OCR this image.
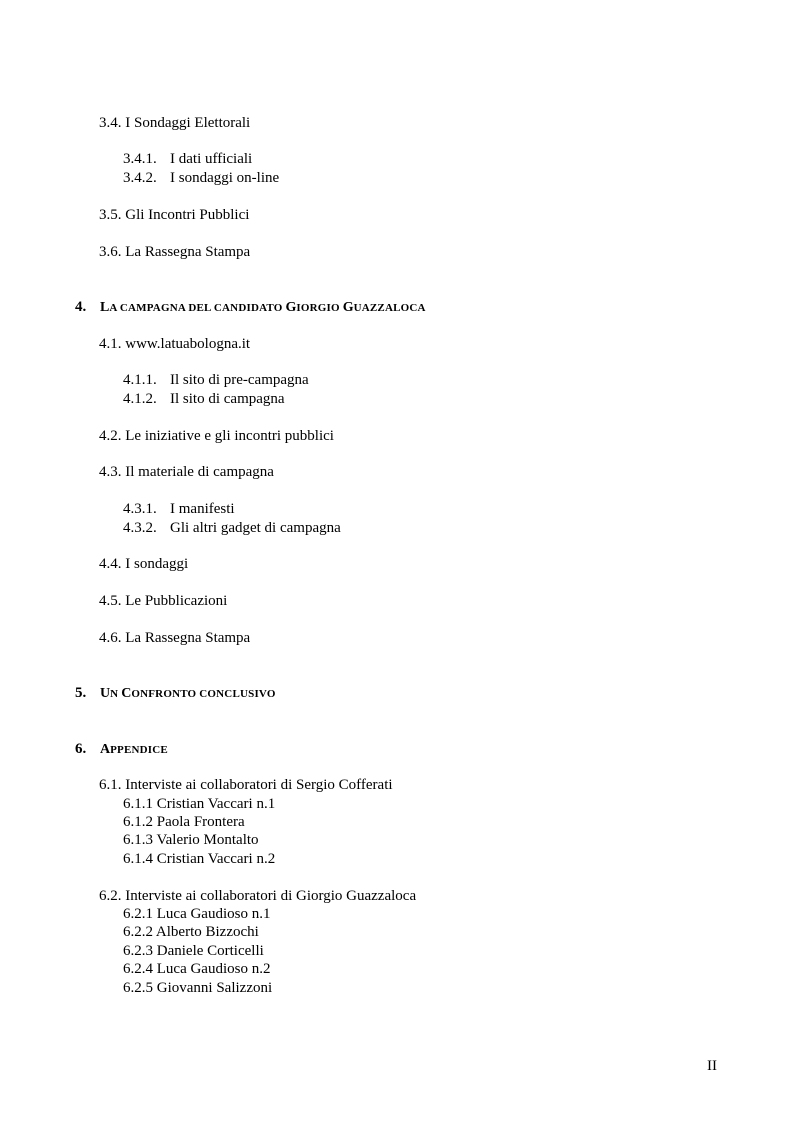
3.4. I Sondaggi Elettorali
3.4.1. I dati ufficiali
3.4.2. I sondaggi on-line
3.5. Gli Incontri Pubblici
3.6. La Rassegna Stampa
4. LA CAMPAGNA DEL CANDIDATO GIORGIO GUAZZALOCA
4.1. www.latuabologna.it
4.1.1. Il sito di pre-campagna
4.1.2. Il sito di campagna
4.2. Le iniziative e gli incontri pubblici
4.3. Il materiale di campagna
4.3.1. I manifesti
4.3.2. Gli altri gadget di campagna
4.4. I sondaggi
4.5. Le Pubblicazioni
4.6. La Rassegna Stampa
5. UN CONFRONTO CONCLUSIVO
6. APPENDICE
6.1. Interviste ai collaboratori di Sergio Cofferati
6.1.1 Cristian Vaccari n.1
6.1.2 Paola Frontera
6.1.3 Valerio Montalto
6.1.4 Cristian Vaccari n.2
6.2. Interviste ai collaboratori di Giorgio Guazzaloca
6.2.1 Luca Gaudioso n.1
6.2.2 Alberto Bizzochi
6.2.3 Daniele Corticelli
6.2.4 Luca Gaudioso n.2
6.2.5 Giovanni Salizzoni
II
